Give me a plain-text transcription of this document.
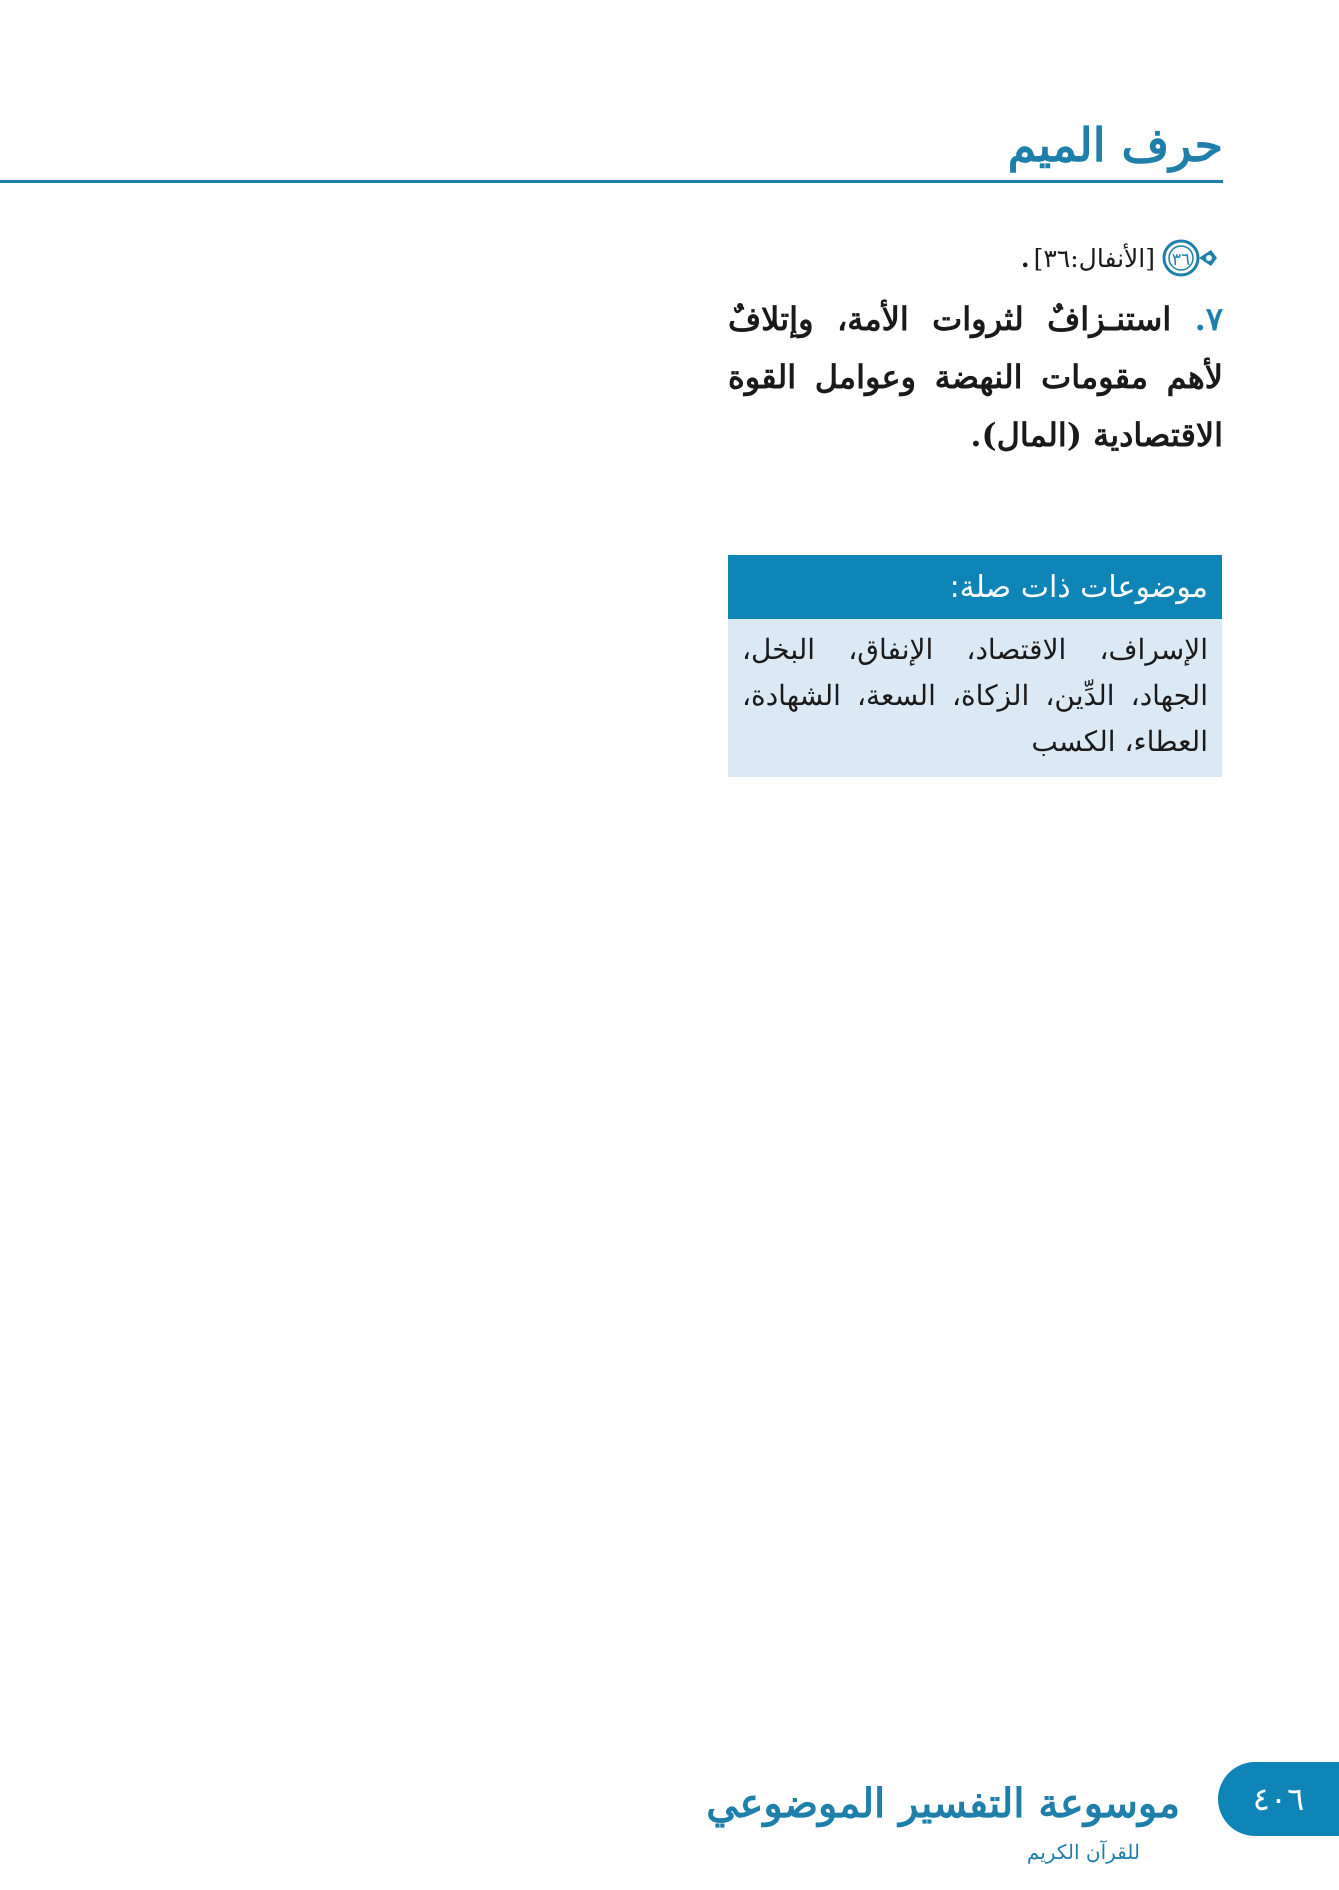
حرف الميم
٣٦
[الأنفال:٣٦]
.
٧. استنـزافٌ لثروات الأمة، وإتلافٌ لأهم مقومات النهضة وعوامل القوة الاقتصادية (المال).
موضوعات ذات صلة:
الإسراف، الاقتصاد، الإنفاق، البخل، الجهاد، الدِّين، الزكاة، السعة، الشهادة، العطاء، الكسب
موسوعة التفسير الموضوعي
للقرآن الكريم
٤٠٦
